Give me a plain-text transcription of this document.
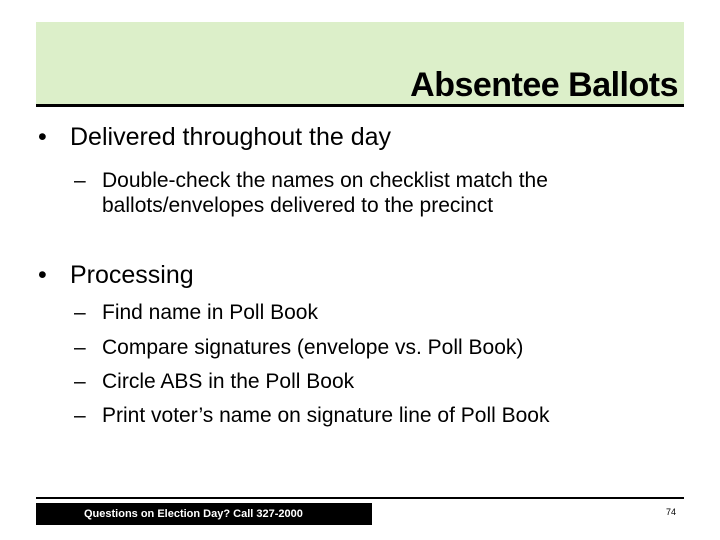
Absentee Ballots
• Delivered throughout the day
– Double-check the names on checklist match the
ballots/envelopes delivered to the precinct
• Processing
– Find name in Poll Book
– Compare signatures (envelope vs. Poll Book)
– Circle ABS in the Poll Book
– Print voter’s name on signature line of Poll Book
Questions on Election Day? Call 327-2000	74
